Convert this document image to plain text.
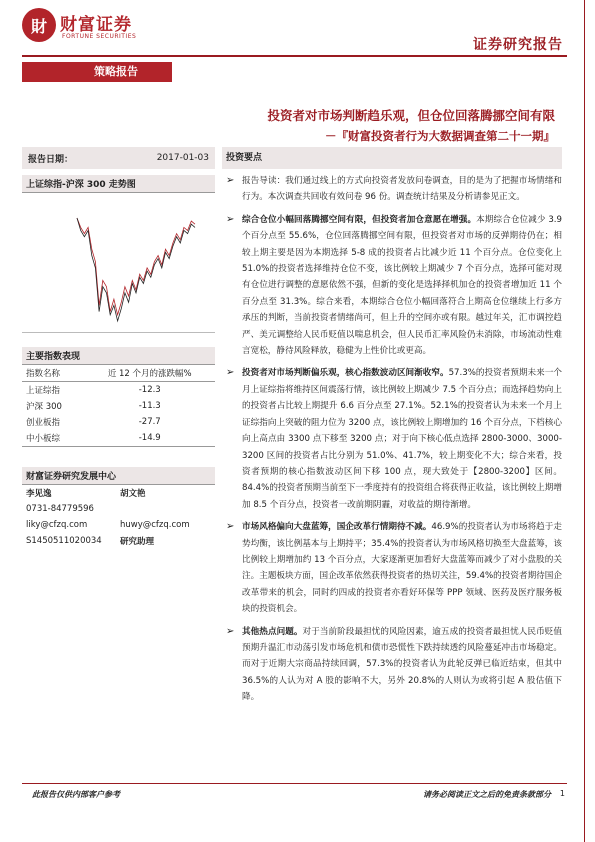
財 财富证券
FORTUNE SECURITIES
证券研究报告
策略报告
投资者对市场判断趋乐观，但仓位回落腾挪空间有限
－『财富投资者行为大数据调查第二十一期』
报告日期：	2017-01-03
上证综指-沪深 300 走势图
主要指数表现
指数名称	近 12 个月的涨跌幅%
上证综指	-12.3
沪深 300	-11.3
创业板指	-27.7
中小板综	-14.9
财富证券研究发展中心
李见逸	胡文艳
0731-84779596
liky@cfzq.com	huwy@cfzq.com
S1450511020034	研究助理
投资要点
➢ 报告导读：我们通过线上的方式向投资者发放问卷调查，目的是为了把握市场情绪和行为。本次调查共回收有效问卷 96 份。调查统计结果及分析请参见正文。
➢ 综合仓位小幅回落腾挪空间有限，但投资者加仓意愿在增强。本期综合仓位减少 3.9 个百分点至 55.6%，仓位回落腾挪空间有限，但投资者对市场的反弹期待仍在；相较上期主要是因为本期选择 5-8 成的投资者占比减少近 11 个百分点。仓位变化上 51.0%的投资者选择维持仓位不变，该比例较上期减少 7 个百分点，选择可能对现有仓位进行调整的意愿依然不强，但新的变化是选择择机加仓的投资者增加近 11 个百分点至 31.3%。综合来看，本期综合仓位小幅回落符合上期高仓位继续上行多方承压的判断，当前投资者情绪尚可，但上升的空间亦或有限。越过年关，汇市调控趋严、美元调整给人民币贬值以喘息机会，但人民币汇率风险仍未消除，市场流动性难言宽松，静待风险释放，稳健为上性价比或更高。
➢ 投资者对市场判断偏乐观，核心指数波动区间渐收窄。57.3%的投资者预期未来一个月上证综指将维持区间震荡行情，该比例较上期减少 7.5 个百分点；而选择趋势向上的投资者占比较上期提升 6.6 百分点至 27.1%。52.1%的投资者认为未来一个月上证综指向上突破的阻力位为 3200 点，该比例较上期增加约 16 个百分点，下档核心向上高点由 3300 点下移至 3200 点；对于向下核心低点选择 2800-3000、3000-3200 区间的投资者占比分别为 51.0%、41.7%，较上期变化不大；综合来看，投资者预期的核心指数波动区间下移 100 点，现大致处于【2800-3200】区间。84.4%的投资者预期当前至下一季度持有的投资组合将获得正收益，该比例较上期增加 8.5 个百分点，投资者一改前期阴霾，对收益的期待渐增。
➢ 市场风格偏向大盘蓝筹，国企改革行情期待不减。46.9%的投资者认为市场将趋于走势均衡，该比例基本与上期持平；35.4%的投资者认为市场风格切换至大盘蓝筹，该比例较上期增加约 13 个百分点，大家逐渐更加看好大盘蓝筹而减少了对小盘股的关注。主题板块方面，国企改革依然获得投资者的热切关注，59.4%的投资者期待国企改革带来的机会，同时约四成的投资者亦看好环保等 PPP 领域、医药及医疗服务板块的投资机会。
➢ 其他热点问题。对于当前阶段最担忧的风险因素，逾五成的投资者最担忧人民币贬值预期升温汇市动荡引发市场危机和债市恐慌性下跌持续透约风险蔓延冲击市场稳定。而对于近期大宗商品持续回调，57.3%的投资者认为此轮反弹已临近结束，但其中 36.5%的人认为对 A 股的影响不大，另外 20.8%的人则认为或将引起 A 股估值下降。
此报告仅供内部客户参考	请务必阅读正文之后的免责条款部分 1
